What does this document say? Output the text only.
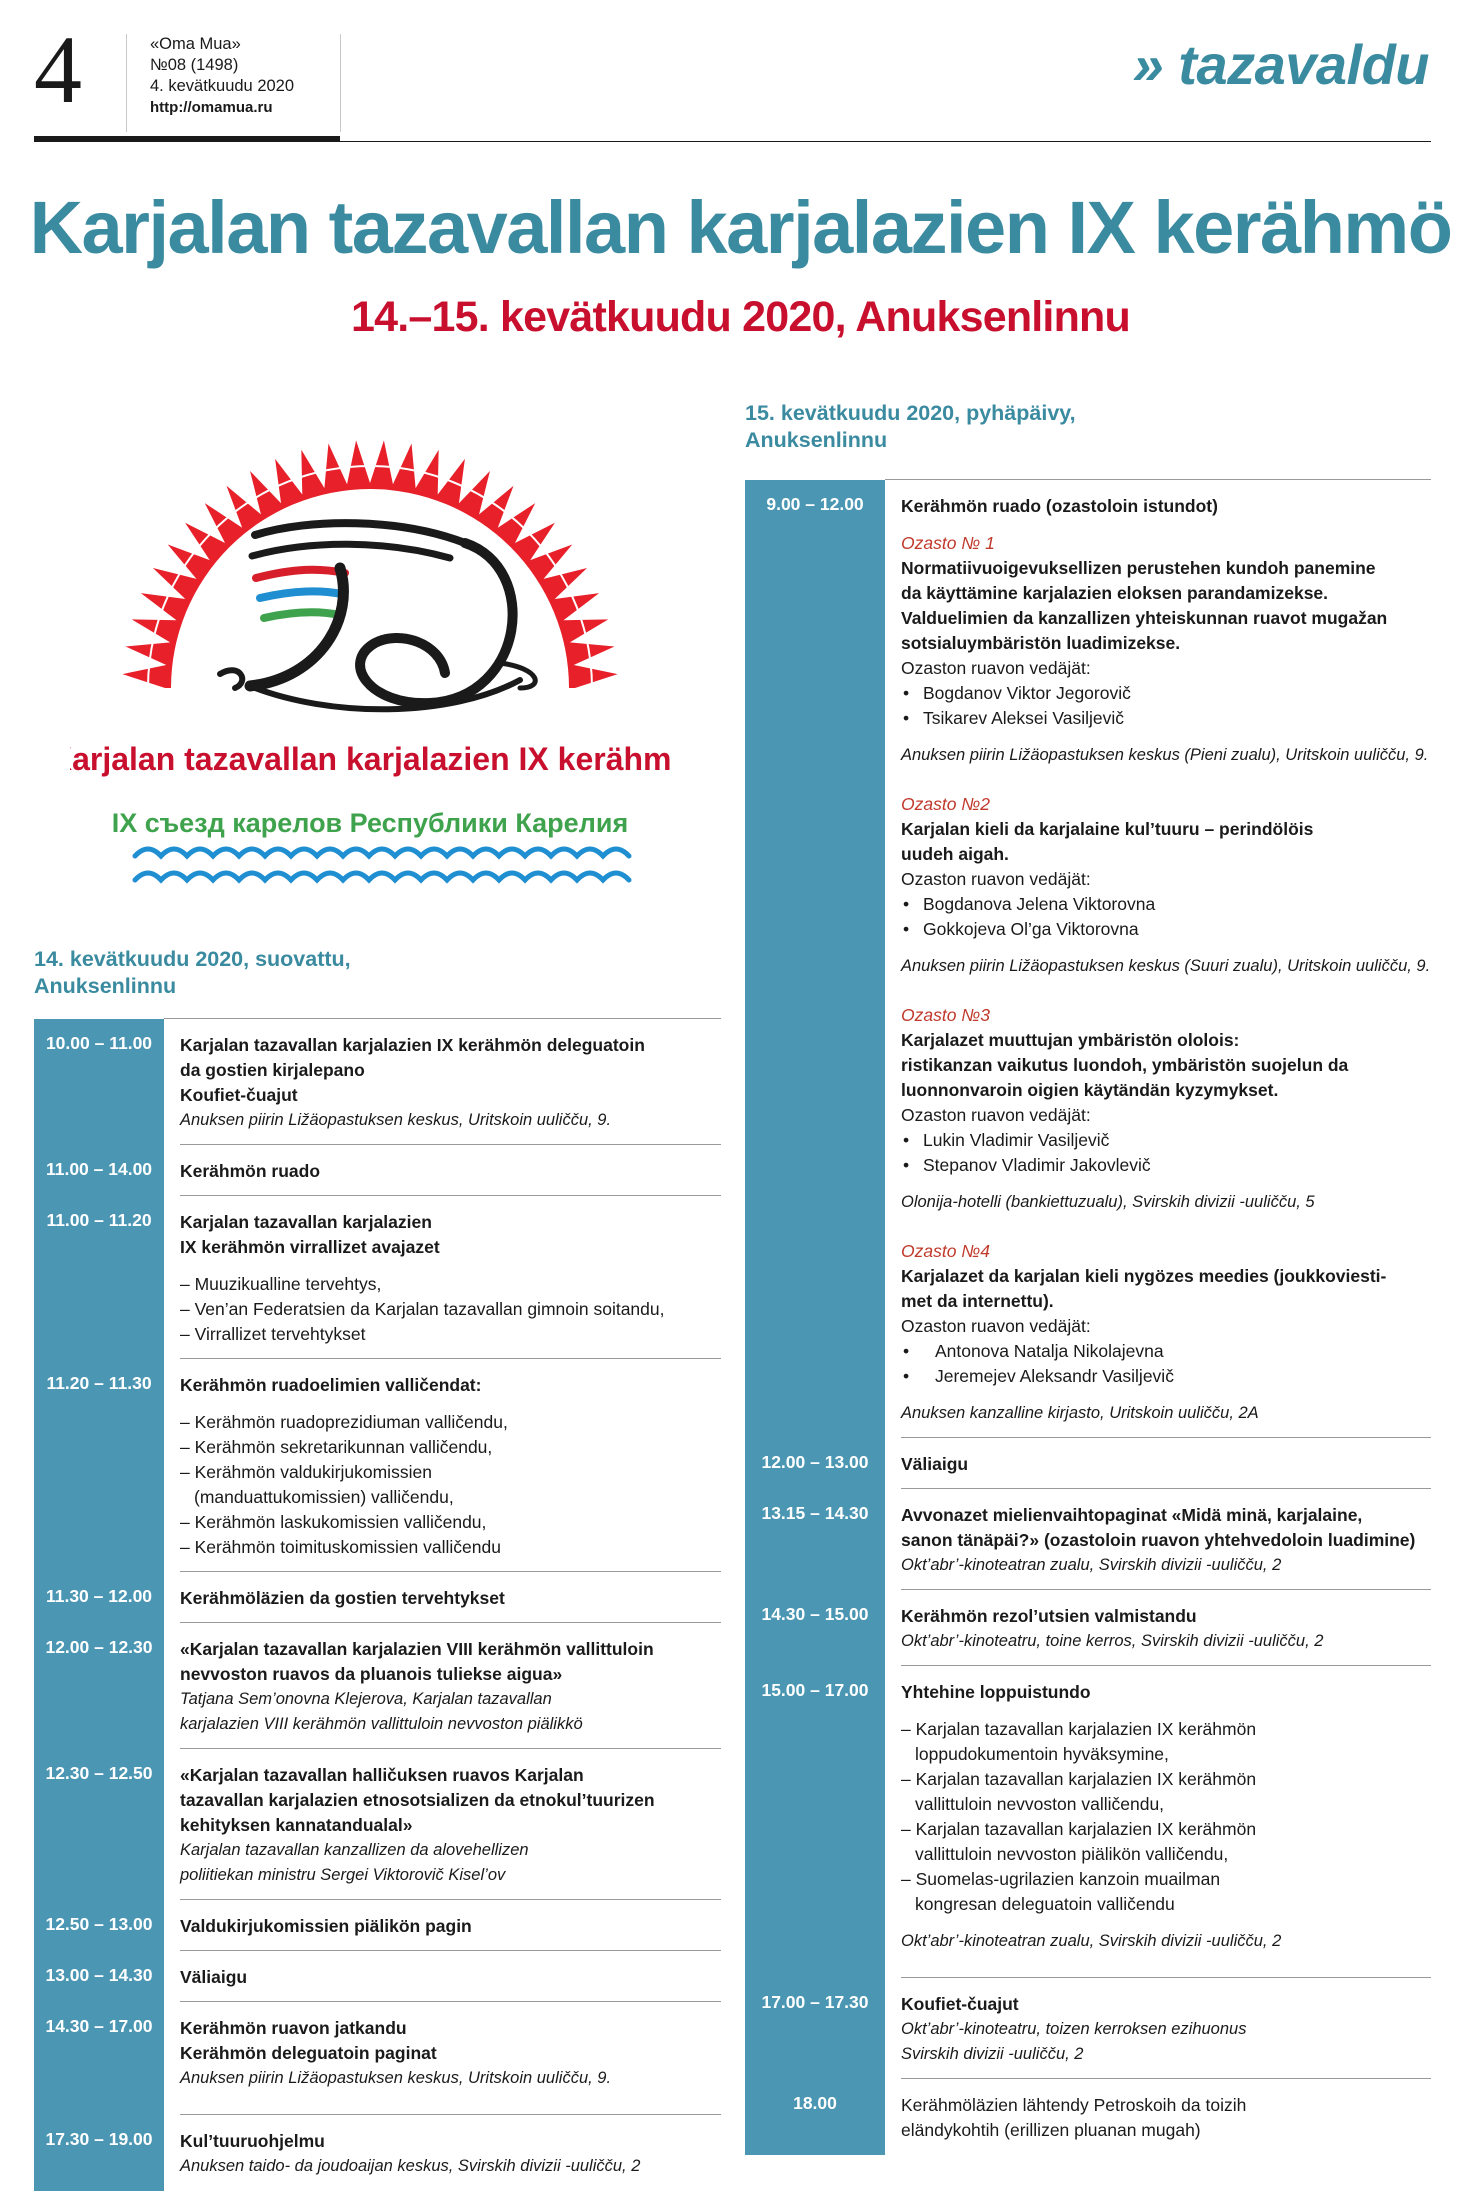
4	«Oma Mua»
№08 (1498)
4. kevätkuudu 2020
http://omamua.ru
» tazavaldu
Karjalan tazavallan karjalazien IX kerähmö
14.–15. kevätkuudu 2020, Anuksenlinnu
Karjalan tazavallan karjalazien IX kerähmö
IX съезд карелов Республики Карелия
14. kevätkuudu 2020, suovattu,
Anuksenlinnu
15. kevätkuudu 2020, pyhäpäivy,
Anuksenlinnu
10.00 – 11.00	Karjalan tazavallan karjalazien IX kerähmön deleguatoin
da gostien kirjalepano
Koufiet-čuajut
Anuksen piirin Ližäopastuksen keskus, Uritskoin uuličču, 9.
11.00 – 14.00	Kerähmön ruado
11.00 – 11.20	Karjalan tazavallan karjalazien
IX kerähmön virrallizet avajazet
– Muuzikualline tervehtys,
– Ven’an Federatsien da Karjalan tazavallan gimnoin soitandu,
– Virrallizet tervehtykset
11.20 – 11.30	Kerähmön ruadoelimien valličendat:
– Kerähmön ruadoprezidiuman valličendu,
– Kerähmön sekretarikunnan valličendu,
– Kerähmön valdukirjukomissien
(manduattukomissien) valličendu,
– Kerähmön laskukomissien valličendu,
– Kerähmön toimituskomissien valličendu
11.30 – 12.00	Kerähmöläzien da gostien tervehtykset
12.00 – 12.30	«Karjalan tazavallan karjalazien VIII kerähmön vallittuloin
nevvoston ruavos da pluanois tuliekse aigua»
Tatjana Sem’onovna Klejerova, Karjalan tazavallan
karjalazien VIII kerähmön vallittuloin nevvoston piälikkö
12.30 – 12.50	«Karjalan tazavallan halličuksen ruavos Karjalan
tazavallan karjalazien etnosotsializen da etnokul’tuurizen
kehityksen kannatandualal»
Karjalan tazavallan kanzallizen da alovehellizen
poliitiekan ministru Sergei Viktorovič Kisel’ov
12.50 – 13.00	Valdukirjukomissien piälikön pagin
13.00 – 14.30	Väliaigu
14.30 – 17.00	Kerähmön ruavon jatkandu
Kerähmön deleguatoin paginat
Anuksen piirin Ližäopastuksen keskus, Uritskoin uuličču, 9.
17.30 – 19.00	Kul’tuuruohjelmu
Anuksen taido- da joudoaijan keskus, Svirskih divizii -uuličču, 2
9.00 – 12.00	Kerähmön ruado (ozastoloin istundot)
Ozasto № 1
Normatiivuoigevuksellizen perustehen kundoh panemine
da käyttämine karjalazien eloksen parandamizekse.
Valduelimien da kanzallizen yhteiskunnan ruavot mugažan
sotsialuymbäristön luadimizekse.
Ozaston ruavon vedäjät:
• Bogdanov Viktor Jegorovič
• Tsikarev Aleksei Vasiljevič
Anuksen piirin Ližäopastuksen keskus (Pieni zualu), Uritskoin uuličču, 9.
Ozasto №2
Karjalan kieli da karjalaine kul’tuuru – perindölöis
uudeh aigah.
Ozaston ruavon vedäjät:
• Bogdanova Jelena Viktorovna
• Gokkojeva Ol’ga Viktorovna
Anuksen piirin Ližäopastuksen keskus (Suuri zualu), Uritskoin uuličču, 9.
Ozasto №3
Karjalazet muuttujan ymbäristön ololois:
ristikanzan vaikutus luondoh, ymbäristön suojelun da
luonnonvaroin oigien käytändän kyzymykset.
Ozaston ruavon vedäjät:
• Lukin Vladimir Vasiljevič
• Stepanov Vladimir Jakovlevič
Olonija-hotelli (bankiettuzualu), Svirskih divizii -uuličču, 5
Ozasto №4
Karjalazet da karjalan kieli nygözes meedies (joukkoviesti-
met da internettu).
Ozaston ruavon vedäjät:
• Antonova Natalja Nikolajevna
• Jeremejev Aleksandr Vasiljevič
Anuksen kanzalline kirjasto, Uritskoin uuličču, 2A
12.00 – 13.00	Väliaigu
13.15 – 14.30	Avvonazet mielienvaihtopaginat «Midä minä, karjalaine,
sanon tänäpäi?» (ozastoloin ruavon yhtehvedoloin luadimine)
Okt’abr’-kinoteatran zualu, Svirskih divizii -uuličču, 2
14.30 – 15.00	Kerähmön rezol’utsien valmistandu
Okt’abr’-kinoteatru, toine kerros, Svirskih divizii -uuličču, 2
15.00 – 17.00	Yhtehine loppuistundo
– Karjalan tazavallan karjalazien IX kerähmön
loppudokumentoin hyväksymine,
– Karjalan tazavallan karjalazien IX kerähmön
vallittuloin nevvoston valličendu,
– Karjalan tazavallan karjalazien IX kerähmön
vallittuloin nevvoston piälikön valličendu,
– Suomelas-ugrilazien kanzoin muailman
kongresan deleguatoin valličendu
Okt’abr’-kinoteatran zualu, Svirskih divizii -uuličču, 2
17.00 – 17.30	Koufiet-čuajut
Okt’abr’-kinoteatru, toizen kerroksen ezihuonus
Svirskih divizii -uuličču, 2
18.00	Kerähmöläzien lähtendy Petroskoih da toizih
eländykohtih (erillizen pluanan mugah)
